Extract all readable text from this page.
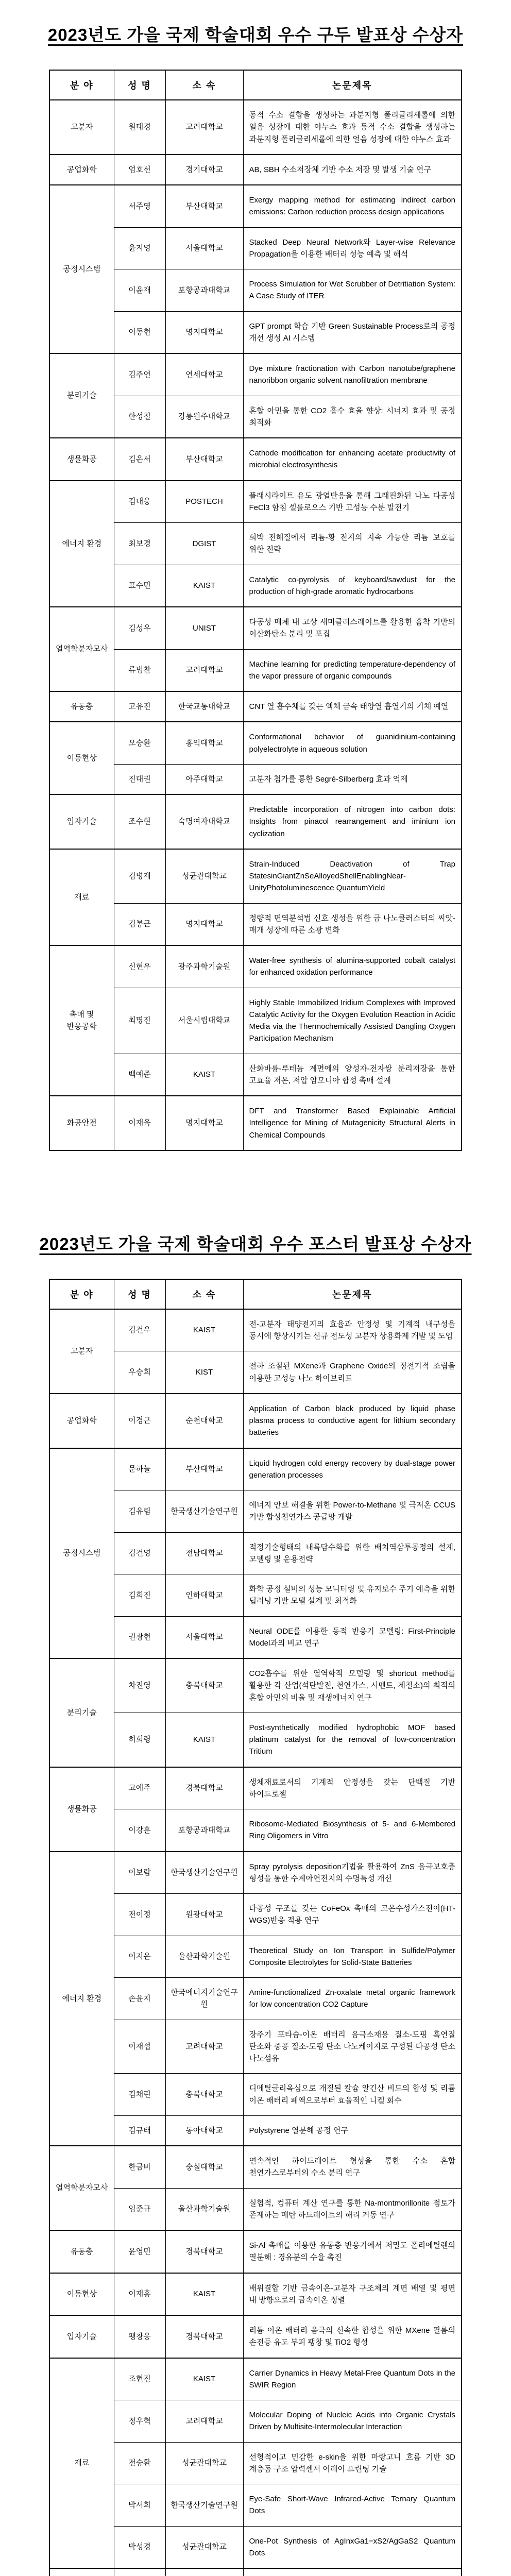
2023년도 가을 국제 학술대회 우수 구두 발표상 수상자
분 야	성 명	소 속	논문제목
고분자	원태경	고려대학교	동적 수소 결합을 생성하는 과분지형 폴리글리세롤에 의한 얼음 성장에 대한 야누스 효과 동적 수소 결합을 생성하는 과분지형 폴리글리세롤에 의한 얼음 성장에 대한 야누스 효과
공업화학	엄호선	경기대학교	AB, SBH 수소저장체 기반 수소 저장 및 발생 기술 연구
공정시스템	서주영	부산대학교	Exergy mapping method for estimating indirect carbon emissions: Carbon reduction process design applications
	윤지영	서울대학교	Stacked Deep Neural Network와 Layer-wise Relevance Propagation을 이용한 배터리 성능 예측 및 해석
	이윤재	포항공과대학교	Process Simulation for Wet Scrubber of Detritiation System: A Case Study of ITER
	이동현	명지대학교	GPT prompt 학습 기반 Green Sustainable Process로의 공정 개선 생성 AI 시스템
분리기술	김주연	연세대학교	Dye mixture fractionation with Carbon nanotube/graphene nanoribbon organic solvent nanofiltration membrane
	한성철	강릉원주대학교	혼합 아민을 통한 CO2 흡수 효율 향상: 시너지 효과 및 공정 최적화
생물화공	김은서	부산대학교	Cathode modification for enhancing acetate productivity of microbial electrosynthesis
에너지 환경	김대웅	POSTECH	플래시라이트 유도 광열반응을 통해 그래핀화된 나노 다공성 FeCl3 함침 셀룰로오스 기반 고성능 수분 발전기
	최보경	DGIST	희박 전해질에서 리튬-황 전지의 지속 가능한 리튬 보호를 위한 전략
	표수민	KAIST	Catalytic co-pyrolysis of keyboard/sawdust for the production of high-grade aromatic hydrocarbons
열역학분자모사	김성우	UNIST	다공성 매체 내 고상 세미클러스레이트를 활용한 흡착 기반의 이산화탄소 분리 및 포집
	류범찬	고려대학교	Machine learning for predicting temperature-dependency of the vapor pressure of organic compounds
유동층	고유진	한국교통대학교	CNT 열 흡수체를 갖는 액체 금속 태양열 흡열기의 기체 예열
이동현상	오승환	홍익대학교	Conformational behavior of guanidinium-containing polyelectrolyte in aqueous solution
	진대권	아주대학교	고분자 첨가를 통한 Segré-Silberberg 효과 억제
입자기술	조수현	숙명여자대학교	Predictable incorporation of nitrogen into carbon dots: Insights from pinacol rearrangement and iminium ion cyclization
재료	김병재	성균관대학교	Strain-Induced Deactivation of Trap StatesinGiantZnSeAlloyedShellEnablingNear-UnityPhotoluminescence QuantumYield
	김봉근	명지대학교	정량적 면역분석법 신호 생성을 위한 금 나노클러스터의 씨앗-매개 성장에 따른 소광 변화
촉매 및 반응공학	신현우	광주과학기술원	Water-free synthesis of alumina-supported cobalt catalyst for enhanced oxidation performance
	최명진	서울시립대학교	Highly Stable Immobilized Iridium Complexes with Improved Catalytic Activity for the Oxygen Evolution Reaction in Acidic Media via the Thermochemically Assisted Dangling Oxygen Participation Mechanism
	백예준	KAIST	산화바륨-루테늄 계면에의 양성자-전자쌍 분리저장을 통한 고효율 저온, 저압 암모니아 합성 촉매 설계
화공안전	이재욱	명지대학교	DFT and Transformer Based Explainable Artificial Intelligence for Mining of Mutagenicity Structural Alerts in Chemical Compounds
2023년도 가을 국제 학술대회 우수 포스터 발표상 수상자
분 야	성 명	소 속	논문제목
고분자	김건우	KAIST	전-고분자 태양전지의 효율과 안정성 및 기계적 내구성을 동시에 향상시키는 신규 전도성 고분자 상용화제 개발 및 도입
	우승희	KIST	전하 조절된 MXene과 Graphene Oxide의 정전기적 조립을 이용한 고성능 나노 하이브리드
공업화학	이경근	순천대학교	Application of Carbon black produced by liquid phase plasma process to conductive agent for lithium secondary batteries
공정시스템	문하늘	부산대학교	Liquid hydrogen cold energy recovery by dual-stage power generation processes
	김유림	한국생산기술연구원	에너지 안보 해결을 위한 Power-to-Methane 및 극저온 CCUS 기반 합성천연가스 공급망 개발
	김건영	전남대학교	적정기술형태의 내륙담수화를 위한 배치역삼투공정의 설계, 모델링 및 운용전략
	김희진	인하대학교	화학 공정 설비의 성능 모니터링 및 유지보수 주기 예측을 위한 딥러닝 기반 모델 설계 및 최적화
	권광현	서울대학교	Neural ODE를 이용한 동적 반응기 모델링: First-Principle Model과의 비교 연구
분리기술	차진영	충북대학교	CO2흡수를 위한 열역학적 모델링 및 shortcut method를 활용한 각 산업(석탄발전, 천연가스, 시멘트, 제철소)의 최적의 혼합 아민의 비율 및 재생에너지 연구
	허희령	KAIST	Post-synthetically modified hydrophobic MOF based platinum catalyst for the removal of low-concentration Tritium
생물화공	고예주	경북대학교	생체재료로서의 기계적 안정성을 갖는 단백질 기반 하이드로젤
	이강훈	포항공과대학교	Ribosome-Mediated Biosynthesis of 5- and 6-Membered Ring Oligomers in Vitro
에너지 환경	이보람	한국생산기술연구원	Spray pyrolysis deposition기법을 활용하여 ZnS 음극보호층 형성을 통한 수계아연전지의 수명특성 개선
	전이정	원광대학교	다공성 구조를 갖는 CoFeOx 촉매의 고온수성가스전이(HT-WGS)반응 적용 연구
	이지은	울산과학기술원	Theoretical Study on Ion Transport in Sulfide/Polymer Composite Electrolytes for Solid-State Batteries
	손윤지	한국에너지기술연구원	Amine-functionalized Zn-oxalate metal organic framework for low concentration CO2 Capture
	이재섭	고려대학교	장주기 포타슘-이온 배터리 음극소재용 질소-도핑 흑연질 탄소와 중공 질소-도핑 탄소 나노케이지로 구성된 다공성 탄소 나노섬유
	김채린	충북대학교	디메틸글리옥심으로 개질된 칼슘 알긴산 비드의 합성 및 리튬 이온 배터리 폐액으로부터 효율적인 니켈 회수
	김규태	동아대학교	Polystyrene 열분해 공정 연구
열역학분자모사	한금비	숭실대학교	연속적인 하이드레이트 형성을 통한 수소 혼합 천연가스로부터의 수소 분리 연구
	임준규	울산과학기술원	실험적, 컴퓨터 계산 연구를 통한 Na-montmorillonite 점토가 존재하는 메탄 하드레이트의 해리 거동 연구
유동층	윤영민	경북대학교	Si-Al 촉매를 이용한 유동층 반응기에서 저밀도 폴리에틸렌의 열분해 : 경유분의 수율 촉진
이동현상	이재홍	KAIST	배위결합 기반 금속이온-고분자 구조체의 계면 배열 및 평면 내 방향으로의 금속이온 정렬
입자기술	팽창웅	경북대학교	리튬 이온 배터리 음극의 신속한 합성을 위한 MXene 필름의 손전등 유도 부피 팽창 및 TiO2 형성
재료	조현진	KAIST	Carrier Dynamics in Heavy Metal-Free Quantum Dots in the SWIR Region
	정우혁	고려대학교	Molecular Doping of Nucleic Acids into Organic Crystals Driven by Multisite-Intermolecular Interaction
	전승환	성균관대학교	선형적이고 민감한 e-skin을 위한 마랑고니 흐름 기반 3D 계층돔 구조 압력센서 어레이 프린팅 기술
	박서희	한국생산기술연구원	Eye-Safe Short-Wave Infrared-Active Ternary Quantum Dots
	박성경	성균관대학교	One-Pot Synthesis of AgInxGa1−xS2/AgGaS2 Quantum Dots
